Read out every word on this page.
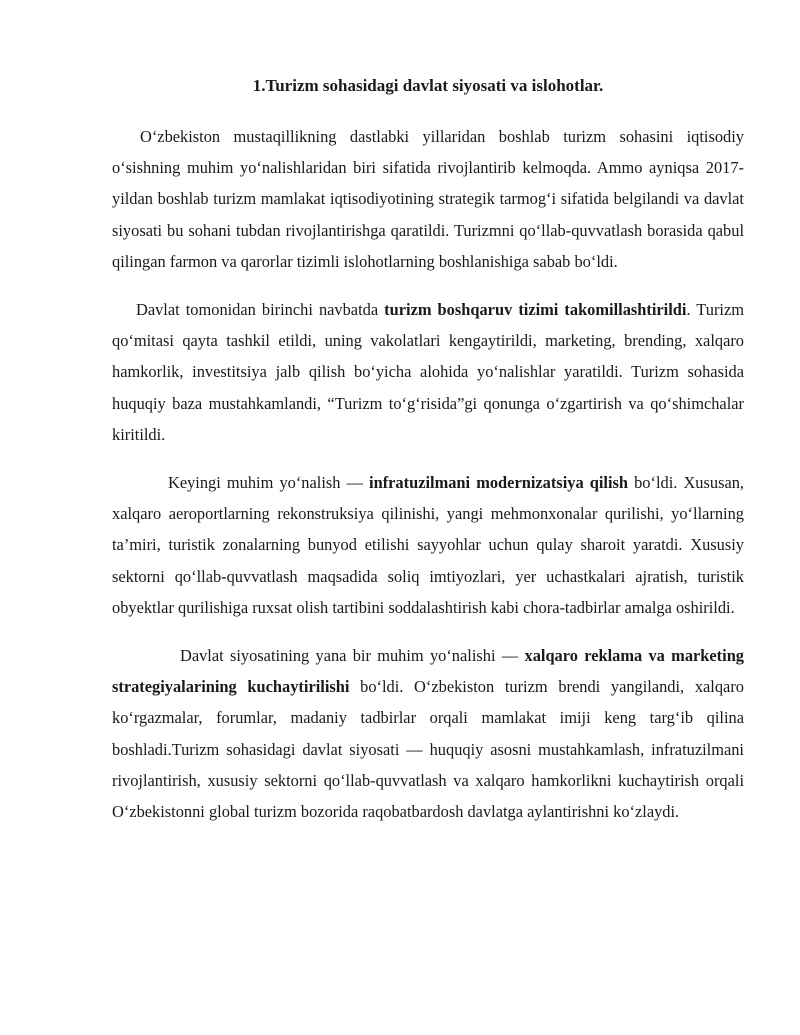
1.Turizm sohasidagi davlat siyosati va islohotlar.

O‘zbekiston mustaqillikning dastlabki yillaridan boshlab turizm sohasini iqtisodiy o‘sishning muhim yo‘nalishlaridan biri sifatida rivojlantirib kelmoqda. Ammo ayniqsa 2017-yildan boshlab turizm mamlakat iqtisodiyotining strategik tarmog‘i sifatida belgilandi va davlat siyosati bu sohani tubdan rivojlantirishga qaratildi. Turizmni qo‘llab-quvvatlash borasida qabul qilingan farmon va qarorlar tizimli islohotlarning boshlanishiga sabab bo‘ldi.

Davlat tomonidan birinchi navbatda turizm boshqaruv tizimi takomillashtirildi. Turizm qo‘mitasi qayta tashkil etildi, uning vakolatlari kengaytirildi, marketing, brending, xalqaro hamkorlik, investitsiya jalb qilish bo‘yicha alohida yo‘nalishlar yaratildi. Turizm sohasida huquqiy baza mustahkamlandi, “Turizm to‘g‘risida”gi qonunga o‘zgartirish va qo‘shimchalar kiritildi.

Keyingi muhim yo‘nalish — infratuzilmani modernizatsiya qilish bo‘ldi. Xususan, xalqaro aeroportlarning rekonstruksiya qilinishi, yangi mehmonxonalar qurilishi, yo‘llarning ta’miri, turistik zonalarning bunyod etilishi sayyohlar uchun qulay sharoit yaratdi. Xususiy sektorni qo‘llab-quvvatlash maqsadida soliq imtiyozlari, yer uchastkalari ajratish, turistik obyektlar qurilishiga ruxsat olish tartibini soddalashtirish kabi chora-tadbirlar amalga oshirildi.

Davlat siyosatining yana bir muhim yo‘nalishi — xalqaro reklama va marketing strategiyalarining kuchaytirilishi bo‘ldi. O‘zbekiston turizm brendi yangilandi, xalqaro ko‘rgazmalar, forumlar, madaniy tadbirlar orqali mamlakat imiji keng targ‘ib qilina boshladi.Turizm sohasidagi davlat siyosati — huquqiy asosni mustahkamlash, infratuzilmani rivojlantirish, xususiy sektorni qo‘llab-quvvatlash va xalqaro hamkorlikni kuchaytirish orqali O‘zbekistonni global turizm bozorida raqobatbardosh davlatga aylantirishni ko‘zlaydi.
